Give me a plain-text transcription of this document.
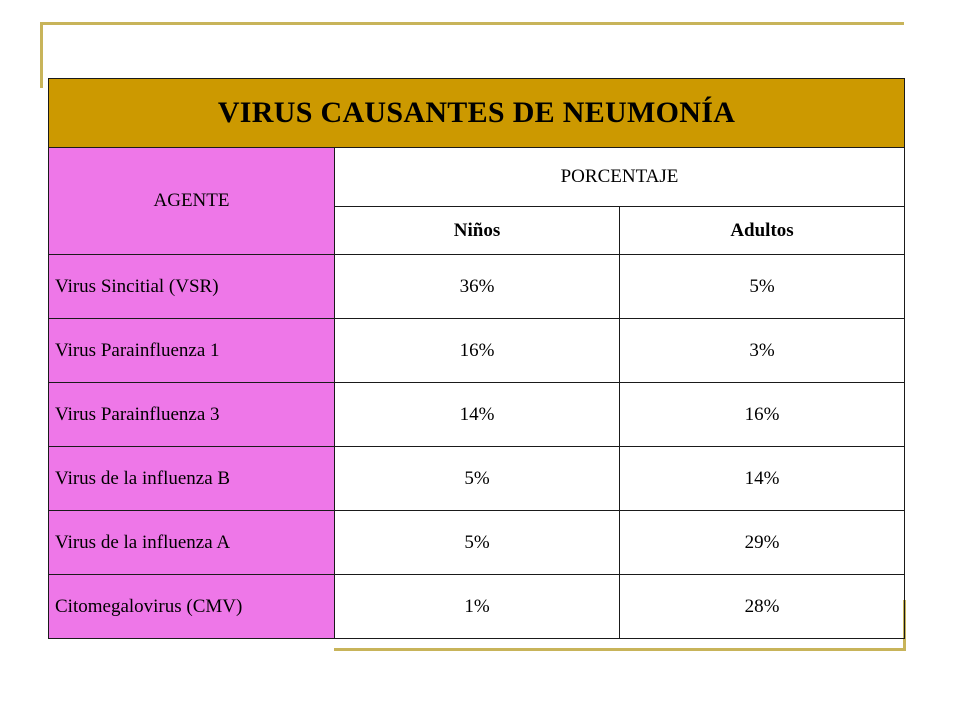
VIRUS CAUSANTES DE NEUMONÍA		
AGENTE	PORCENTAJE	
	Niños	Adultos
Virus Sincitial (VSR)	36%	5%
Virus Parainfluenza 1	16%	3%
Virus Parainfluenza 3	14%	16%
Virus de la influenza B	5%	14%
Virus de la influenza A	5%	29%
Citomegalovirus (CMV)	1%	28%
